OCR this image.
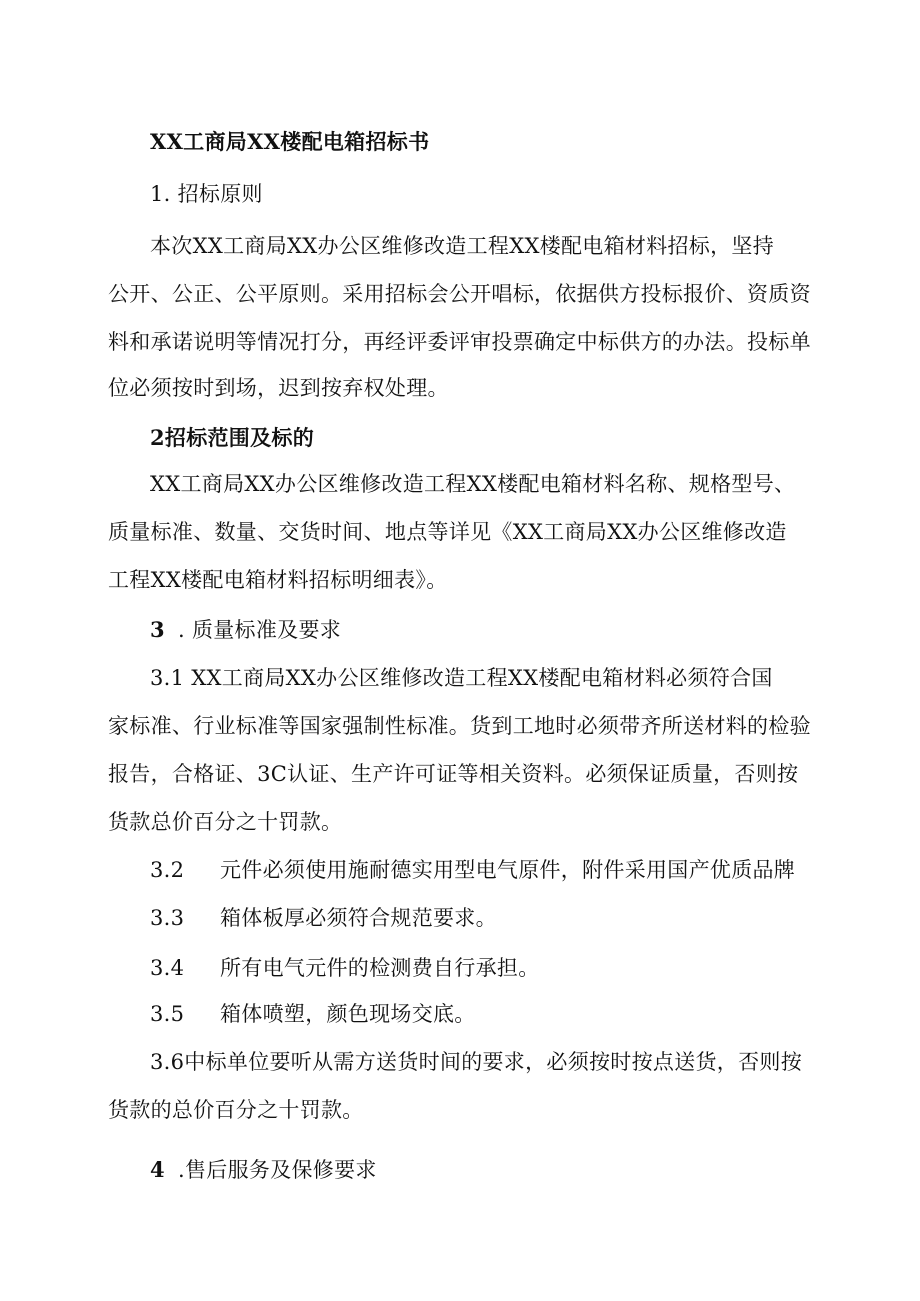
XX工商局XX楼配电箱招标书
1. 招标原则
本次XX工商局XX办公区维修改造工程XX楼配电箱材料招标，坚持
公开、公正、公平原则。采用招标会公开唱标，依据供方投标报价、资质资
料和承诺说明等情况打分，再经评委评审投票确定中标供方的办法。投标单
位必须按时到场，迟到按弃权处理。
2招标范围及标的
XX工商局XX办公区维修改造工程XX楼配电箱材料名称、规格型号、
质量标准、数量、交货时间、地点等详见《XX工商局XX办公区维修改造
工程XX楼配电箱材料招标明细表》。
3 . 质量标准及要求
3.1 XX工商局XX办公区维修改造工程XX楼配电箱材料必须符合国
家标准、行业标准等国家强制性标准。货到工地时必须带齐所送材料的检验
报告，合格证、3C认证、生产许可证等相关资料。必须保证质量，否则按
货款总价百分之十罚款。
3.2 元件必须使用施耐德实用型电气原件，附件采用国产优质品牌
3.3 箱体板厚必须符合规范要求。
3.4 所有电气元件的检测费自行承担。
3.5 箱体喷塑，颜色现场交底。
3.6中标单位要听从需方送货时间的要求，必须按时按点送货，否则按
货款的总价百分之十罚款。
4 .售后服务及保修要求
